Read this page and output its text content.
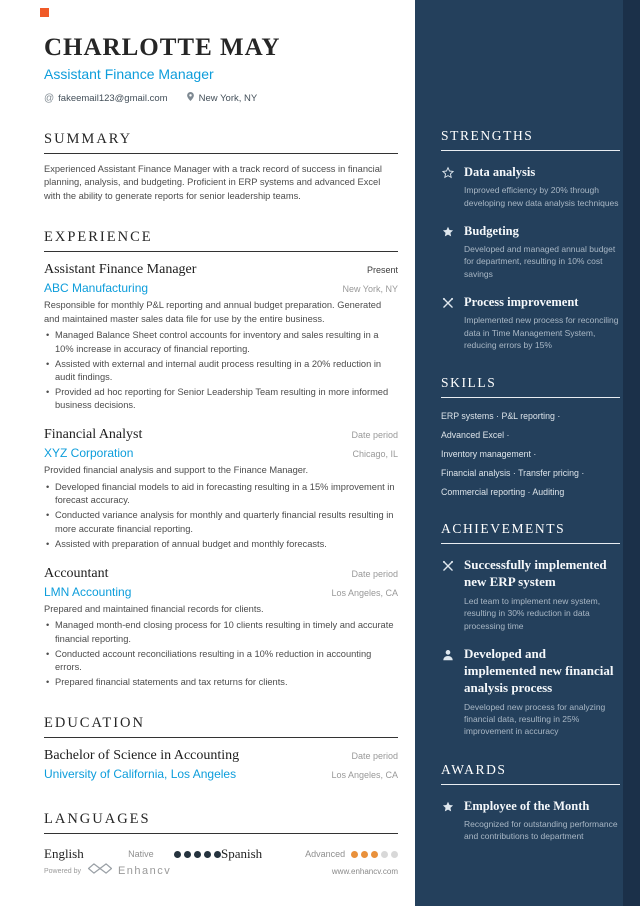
CHARLOTTE MAY
Assistant Finance Manager
@ fakeemail123@gmail.com	New York, NY
SUMMARY

Experienced Assistant Finance Manager with a track record of success in financial planning, analysis, and budgeting. Proficient in ERP systems and advanced Excel with the ability to generate reports for senior leadership teams.

EXPERIENCE
Assistant Finance Manager	Present
ABC Manufacturing	New York, NY

Responsible for monthly P&L reporting and annual budget preparation. Generated and maintained master sales data file for use by the entire business.

• Managed Balance Sheet control accounts for inventory and sales resulting in a 10% increase in accuracy of financial reporting.
• Assisted with external and internal audit process resulting in a 20% reduction in audit findings.
• Provided ad hoc reporting for Senior Leadership Team resulting in more informed business decisions.
Financial Analyst	Date period
XYZ Corporation	Chicago, IL

Provided financial analysis and support to the Finance Manager.

• Developed financial models to aid in forecasting resulting in a 15% improvement in forecast accuracy.
• Conducted variance analysis for monthly and quarterly financial results resulting in more accurate financial reporting.
• Assisted with preparation of annual budget and monthly forecasts.
Accountant	Date period
LMN Accounting	Los Angeles, CA

Prepared and maintained financial records for clients.

• Managed month-end closing process for 10 clients resulting in timely and accurate financial reporting.
• Conducted account reconciliations resulting in a 10% reduction in accounting errors.
• Prepared financial statements and tax returns for clients.
EDUCATION
Bachelor of Science in Accounting	Date period
University of California, Los Angeles	Los Angeles, CA
LANGUAGES
English	Native	Spanish	Advanced
Powered by	Enhancv	www.enhancv.com
STRENGTHS
Data analysis
Improved efficiency by 20% through developing new data analysis techniques
Budgeting
Developed and managed annual budget for department, resulting in 10% cost savings
Process improvement
Implemented new process for reconciling data in Time Management System, reducing errors by 15%
SKILLS
ERP systems · P&L reporting ·
Advanced Excel ·
Inventory management ·
Financial analysis · Transfer pricing ·
Commercial reporting · Auditing
ACHIEVEMENTS
Successfully implemented new ERP system
Led team to implement new system, resulting in 30% reduction in data processing time
Developed and implemented new financial analysis process
Developed new process for analyzing financial data, resulting in 25% improvement in accuracy
AWARDS
Employee of the Month
Recognized for outstanding performance and contributions to department
